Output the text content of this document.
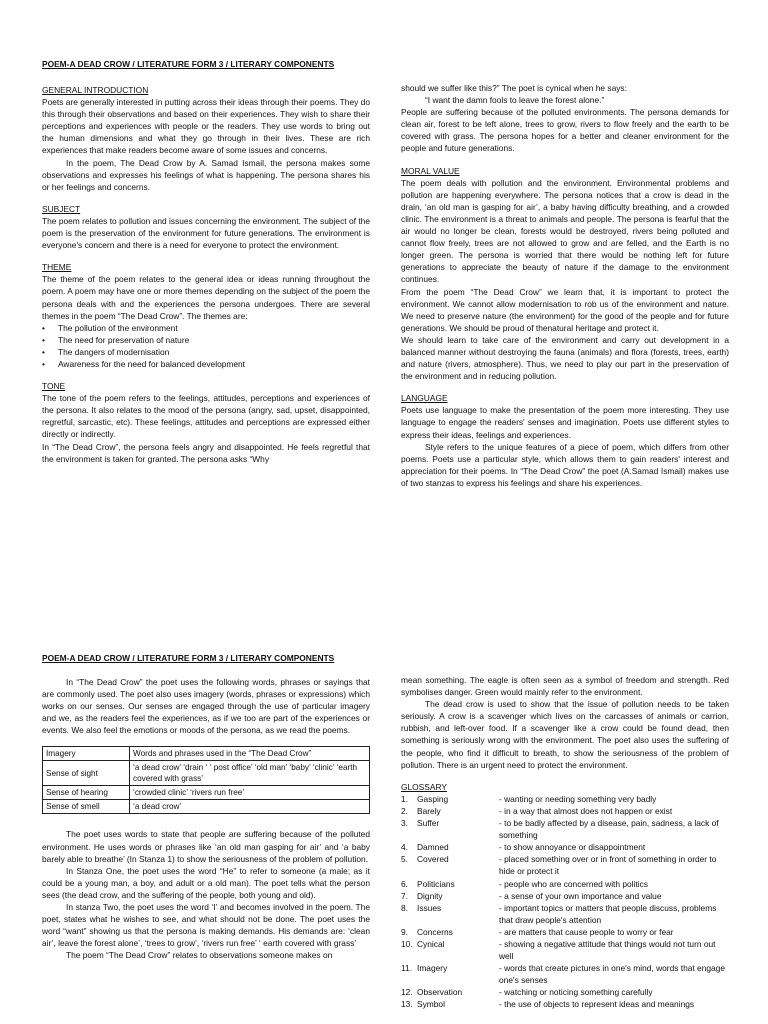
POEM-A DEAD CROW / LITERATURE FORM 3 / LITERARY COMPONENTS
GENERAL INTRODUCTION

Poets are generally interested in putting across their ideas through their poems. They do this through their observations and based on their experiences. They wish to share their perceptions and experiences with people or the readers. They use words to bring out the human dimensions and what they go through in their lives. These are rich experiences that make readers become aware of some issues and concerns.

In the poem, The Dead Crow by A. Samad Ismail, the persona makes some observations and expresses his feelings of what is happening. The persona shares his or her feelings and concerns.

SUBJECT

The poem relates to pollution and issues concerning the environment. The subject of the poem is the preservation of the environment for future generations. The environment is everyone's concern and there is a need for everyone to protect the environment.

THEME

The theme of the poem relates to the general idea or ideas running throughout the poem. A poem may have one or more themes depending on the subject of the poem the persona deals with and the experiences the persona undergoes. There are several themes in the poem “The Dead Crow”. The themes are:

• The pollution of the environment
• The need for preservation of nature
• The dangers of modernisation
• Awareness for the need for balanced development
TONE

The tone of the poem refers to the feelings, attitudes, perceptions and experiences of the persona. It also relates to the mood of the persona (angry, sad, upset, disappointed, regretful, sarcastic, etc). These feelings, attitudes and perceptions are expressed either directly or indirectly.

In “The Dead Crow”, the persona feels angry and disappointed. He feels regretful that the environment is taken for granted. The persona asks “Why

should we suffer like this?” The poet is cynical when he says:

“I want the damn fools to leave the forest alone.”

People are suffering because of the polluted environments. The persona demands for clean air, forest to be left alone, trees to grow, rivers to flow freely and the earth to be covered with grass. The persona hopes for a better and cleaner environment for the people and future generations.

MORAL VALUE

The poem deals with pollution and the environment. Environmental problems and pollution are happening everywhere. The persona notices that a crow is dead in the drain, ‘an old man is gasping for air’, a baby having difficulty breathing, and a crowded clinic. The environment is a threat to animals and people. The persona is fearful that the air would no longer be clean, forests would be destroyed, rivers being polluted and cannot flow freely, trees are not allowed to grow and are felled, and the Earth is no longer green. The persona is worried that there would be nothing left for future generations to appreciate the beauty of nature if the damage to the environment continues.

From the poem “The Dead Crow” we learn that, it is important to protect the environment. We cannot allow modernisation to rob us of the environment and nature. We need to preserve nature (the environment) for the good of the people and for future generations. We should be proud of thenatural heritage and protect it.

We should learn to take care of the environment and carry out development in a balanced manner without destroying the fauna (animals) and flora (forests, trees, earth) and nature (rivers, atmosphere). Thus, we need to play our part in the preservation of the environment and in reducing pollution.

LANGUAGE

Poets use language to make the presentation of the poem more interesting. They use language to engage the readers' senses and imagination. Poets use different styles to express their ideas, feelings and experiences.

Style refers to the unique features of a piece of poem, which differs from other poems. Poets use a particular style, which allows them to gain readers' interest and appreciation for their poems. In “The Dead Crow” the poet (A.Samad Ismail) makes use of two stanzas to express his feelings and share his experiences.

POEM-A DEAD CROW / LITERATURE FORM 3 / LITERARY COMPONENTS

In “The Dead Crow” the poet uses the following words, phrases or sayings that are commonly used. The poet also uses imagery (words, phrases or expressions) which works on our senses. Our senses are engaged through the use of particular imagery and we, as the readers feel the experiences, as if we too are part of the experiences or events. We also feel the emotions or moods of the persona, as we read the poems.

Imagery	Words and phrases used in the “The Dead Crow”
Sense of sight	‘a dead crow’ ‘drain ‘ ‘ post office’ ‘old man’ ‘baby’ ‘clinic’ ‘earth covered with grass’
Sense of hearing	‘crowded clinic’ ‘rivers run free’
Sense of smell	‘a dead crow’

The poet uses words to state that people are suffering because of the polluted environment. He uses words or phrases like ‘an old man gasping for air’ and ‘a baby barely able to breathe’ (In Stanza 1) to show the seriousness of the problem of pollution.

In Stanza One, the poet uses the word “He” to refer to someone (a male; as it could be a young man, a boy, and adult or a old man). The poet tells what the person sees (the dead crow, and the suffering of the people, both young and old).

In stanza Two, the poet uses the word ‘I’ and becomes involved in the poem. The poet, states what he wishes to see, and what should not be done. The poet uses the word “want” showing us that the persona is making demands. His demands are: ‘clean air’, leave the forest alone’, ‘trees to grow’, ‘rivers run free’ ‘ earth covered with grass’

The poem “The Dead Crow” relates to observations someone makes on

mean something. The eagle is often seen as a symbol of freedom and strength. Red symbolises danger. Green would mainly refer to the environment.

The dead crow is used to show that the issue of pollution needs to be taken seriously. A crow is a scavenger which lives on the carcasses of animals or carrion, rubbish, and left-over food. If a scavenger like a crow could be found dead, then something is seriously wrong with the environment. The poet also uses the suffering of the people, who find it difficult to breath, to show the seriousness of the problem of pollution. There is an urgent need to protect the environment.

GLOSSARY
1.	Gasping	- wanting or needing something very badly
2.	Barely	- in a way that almost does not happen or exist
3.	Suffer	- to be badly affected by a disease, pain, sadness, a lack of something
4.	Damned	- to show annoyance or disappointment
5.	Covered	- placed something over or in front of something in order to hide or protect it
6.	Politicians	- people who are concerned with politics
7.	Dignity	- a sense of your own importance and value
8.	Issues	- important topics or matters that people discuss, problems that draw people's attention
9.	Concerns	- are matters that cause people to worry or fear
10. Cynical	- showing a negative attitude that things would not turn out well
11. Imagery	- words that create pictures in one's mind, words that engage one's senses
12. Observation	- watching or noticing something carefully
13. Symbol	- the use of objects to represent ideas and meanings
